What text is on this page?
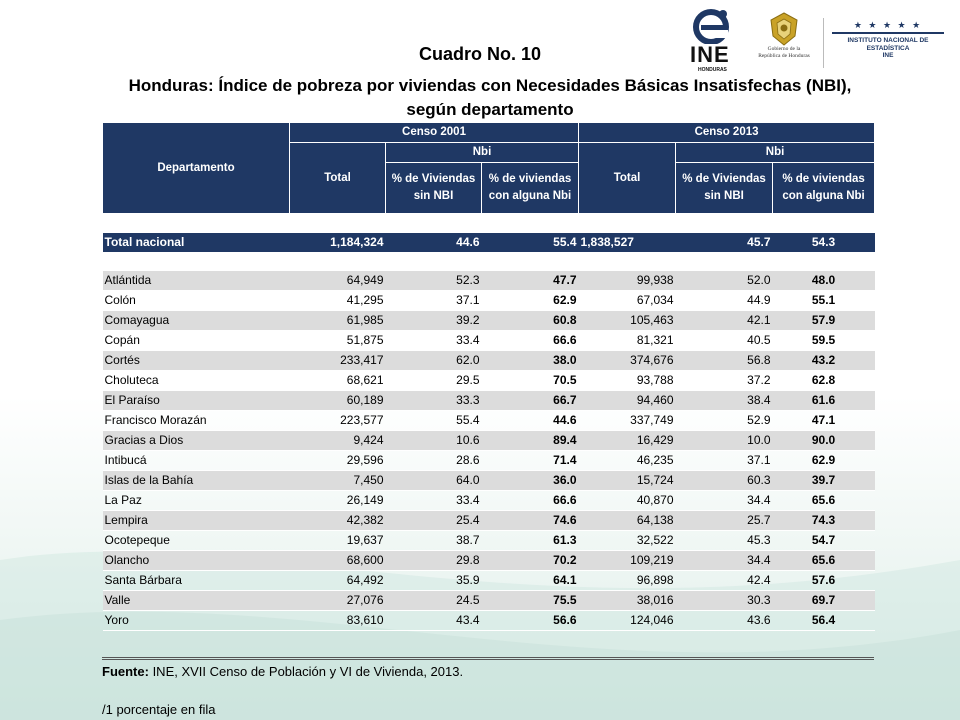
INE
HONDURAS
Gobierno de la
República de Honduras
★ ★ ★ ★ ★
INSTITUTO NACIONAL DE
ESTADÍSTICA
INE
Cuadro No. 10
Honduras: Índice de pobreza por viviendas con Necesidades Básicas Insatisfechas (NBI), según departamento
Departamento	Censo 2001			Censo 2013		
	Total	Nbi		Total	Nbi	
		% de Viviendas sin NBI	% de viviendas con alguna Nbi		% de Viviendas sin NBI	% de viviendas con alguna Nbi

Total nacional	1,184,324	44.6	55.4	1,838,527	45.7	54.3

Atlántida	64,949	52.3	47.7	99,938	52.0	48.0
Colón	41,295	37.1	62.9	67,034	44.9	55.1
Comayagua	61,985	39.2	60.8	105,463	42.1	57.9
Copán	51,875	33.4	66.6	81,321	40.5	59.5
Cortés	233,417	62.0	38.0	374,676	56.8	43.2
Choluteca	68,621	29.5	70.5	93,788	37.2	62.8
El Paraíso	60,189	33.3	66.7	94,460	38.4	61.6
Francisco Morazán	223,577	55.4	44.6	337,749	52.9	47.1
Gracias a Dios	9,424	10.6	89.4	16,429	10.0	90.0
Intibucá	29,596	28.6	71.4	46,235	37.1	62.9
Islas de la Bahía	7,450	64.0	36.0	15,724	60.3	39.7
La Paz	26,149	33.4	66.6	40,870	34.4	65.6
Lempira	42,382	25.4	74.6	64,138	25.7	74.3
Ocotepeque	19,637	38.7	61.3	32,522	45.3	54.7
Olancho	68,600	29.8	70.2	109,219	34.4	65.6
Santa Bárbara	64,492	35.9	64.1	96,898	42.4	57.6
Valle	27,076	24.5	75.5	38,016	30.3	69.7
Yoro	83,610	43.4	56.6	124,046	43.6	56.4
Fuente: INE, XVII Censo de Población y VI de Vivienda, 2013.
/1 porcentaje en fila
